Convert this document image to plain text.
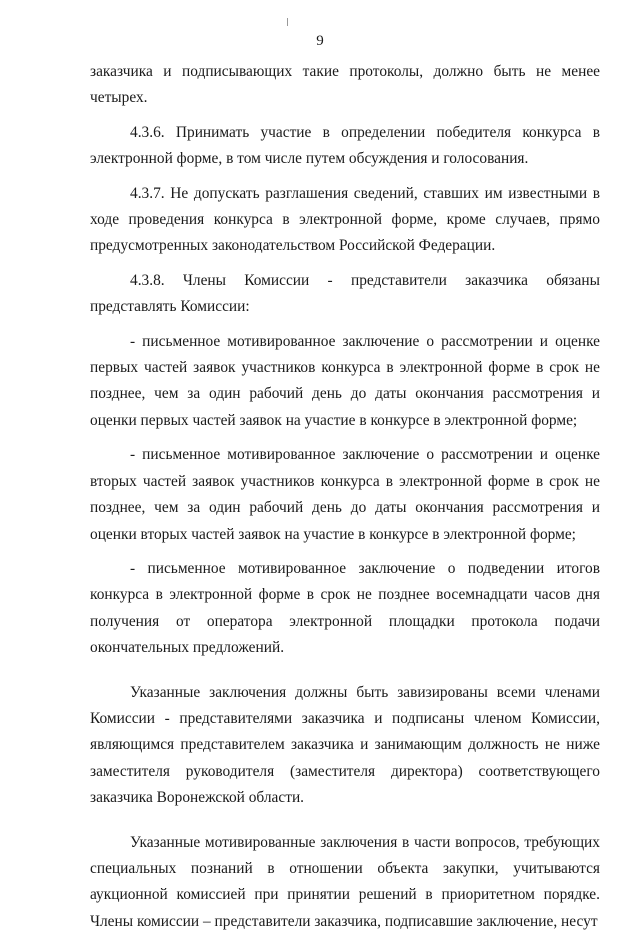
9

заказчика и подписывающих такие протоколы, должно быть не менее четырех.

4.3.6. Принимать участие в определении победителя конкурса в электронной форме, в том числе путем обсуждения и голосования.

4.3.7. Не допускать разглашения сведений, ставших им известными в ходе проведения конкурса в электронной форме, кроме случаев, прямо предусмотренных законодательством Российской Федерации.

4.3.8. Члены Комиссии - представители заказчика обязаны

представлять Комиссии:

- письменное мотивированное заключение о рассмотрении и оценке первых частей заявок участников конкурса в электронной форме в срок не позднее, чем за один рабочий день до даты окончания рассмотрения и оценки первых частей заявок на участие в конкурсе в электронной форме;

- письменное мотивированное заключение о рассмотрении и оценке вторых частей заявок участников конкурса в электронной форме в срок не позднее, чем за один рабочий день до даты окончания рассмотрения и оценки вторых частей заявок на участие в конкурсе в электронной форме;

- письменное мотивированное заключение о подведении итогов конкурса в электронной форме в срок не позднее восемнадцати часов дня получения от оператора электронной площадки протокола подачи окончательных предложений.

Указанные заключения должны быть завизированы всеми членами Комиссии - представителями заказчика и подписаны членом Комиссии, являющимся представителем заказчика и занимающим должность не ниже заместителя руководителя (заместителя директора) соответствующего заказчика Воронежской области.

Указанные мотивированные заключения в части вопросов, требующих специальных познаний в отношении объекта закупки, учитываются аукционной комиссией при принятии решений в приоритетном порядке. Члены комиссии – представители заказчика, подписавшие заключение, несут
